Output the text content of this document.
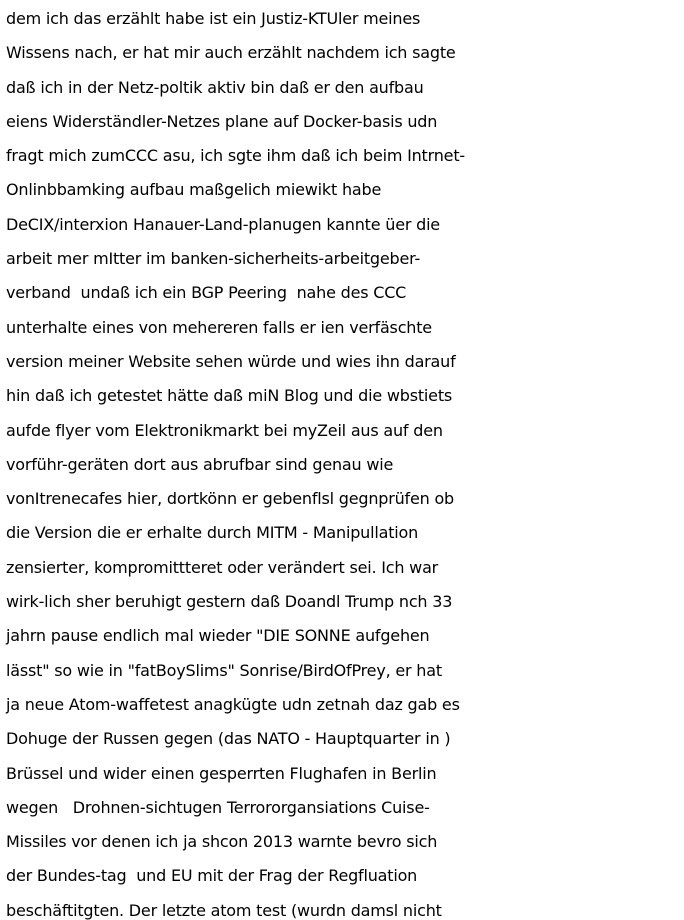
dem ich das erzählt habe ist ein Justiz-KTUler meines
Wissens nach, er hat mir auch erzählt nachdem ich sagte
daß ich in der Netz-poltik aktiv bin daß er den aufbau
eiens Widerständler-Netzes plane auf Docker-basis udn
fragt mich zumCCC asu, ich sgte ihm daß ich beim Intrnet-
Onlinbbamking aufbau maßgelich miewikt habe
DeCIX/interxion Hanauer-Land-planugen kannte üer die
arbeit mer mItter im banken-sicherheits-arbeitgeber-
verband  undaß ich ein BGP Peering  nahe des CCC
unterhalte eines von mehereren falls er ien verfäschte
version meiner Website sehen würde und wies ihn darauf
hin daß ich getestet hätte daß miN Blog und die wbstiets
aufde flyer vom Elektronikmarkt bei myZeil aus auf den
vorführ-geräten dort aus abrufbar sind genau wie
vonItrenecafes hier, dortkönn er gebenflsl gegnprüfen ob
die Version die er erhalte durch MITM - Manipullation
zensierter, kompromittteret oder verändert sei. Ich war
wirk-lich sher beruhigt gestern daß Doandl Trump nch 33
jahrn pause endlich mal wieder "DIE SONNE aufgehen
lässt" so wie in "fatBoySlims" Sonrise/BirdOfPrey, er hat
ja neue Atom-waffetest anagkügte udn zetnah daz gab es
Dohuge der Russen gegen (das NATO - Hauptquarter in )
Brüssel und wider einen gesperrten Flughafen in Berlin
wegen   Drohnen-sichtugen Terrororgansiations Cuise-
Missiles vor denen ich ja shcon 2013 warnte bevro sich
der Bundes-tag  und EU mit der Frag der Regfluation
beschäftitgten. Der letzte atom test (wurdn damsl nicht
